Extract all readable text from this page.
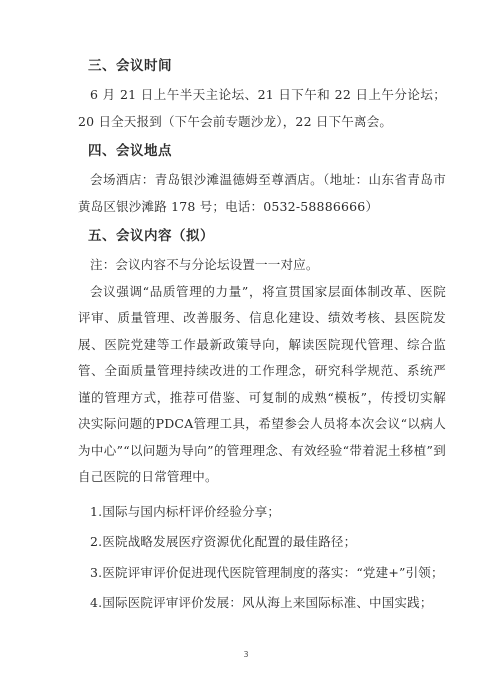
三、会议时间

6 月 21 日上午半天主论坛、21 日下午和 22 日上午分论坛；20 日全天报到（下午会前专题沙龙），22 日下午离会。

四、会议地点

会场酒店：青岛银沙滩温德姆至尊酒店。（地址：山东省青岛市黄岛区银沙滩路 178 号；电话：0532-58886666）

五、会议内容（拟）

注：会议内容不与分论坛设置一一对应。

会议强调“品质管理的力量”，将宣贯国家层面体制改革、医院评审、质量管理、改善服务、信息化建设、绩效考核、县医院发展、医院党建等工作最新政策导向，解读医院现代管理、综合监管、全面质量管理持续改进的工作理念，研究科学规范、系统严谨的管理方式，推荐可借鉴、可复制的成熟“模板”，传授切实解决实际问题的PDCA管理工具，希望参会人员将本次会议“以病人为中心”“以问题为导向”的管理理念、有效经验“带着泥土移植”到自己医院的日常管理中。

1.国际与国内标杆评价经验分享；

2.医院战略发展医疗资源优化配置的最佳路径；

3.医院评审评价促进现代医院管理制度的落实：“党建+”引领；

4.国际医院评审评价发展：风从海上来国际标准、中国实践；

3
